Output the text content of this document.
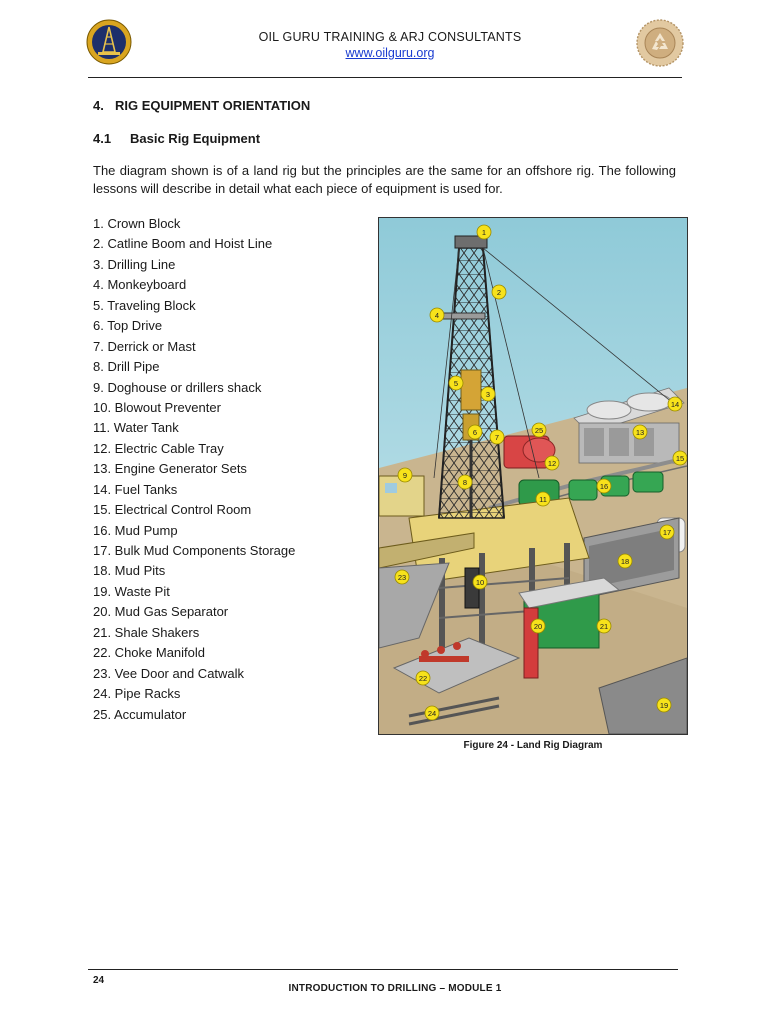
OIL GURU TRAINING & ARJ CONSULTANTS
www.oilguru.org
4. RIG EQUIPMENT ORIENTATION
4.1 Basic Rig Equipment
The diagram shown is of a land rig but the principles are the same for an offshore rig. The following lessons will describe in detail what each piece of equipment is used for.
1. Crown Block
2. Catline Boom and Hoist Line
3. Drilling Line
4. Monkeyboard
5. Traveling Block
6. Top Drive
7. Derrick or Mast
8. Drill Pipe
9. Doghouse or drillers shack
10. Blowout Preventer
11. Water Tank
12. Electric Cable Tray
13. Engine Generator Sets
14. Fuel Tanks
15. Electrical Control Room
16. Mud Pump
17. Bulk Mud Components Storage
18. Mud Pits
19. Waste Pit
20. Mud Gas Separator
21. Shale Shakers
22. Choke Manifold
23. Vee Door and Catwalk
24. Pipe Racks
25. Accumulator
1
2
3
4
5
6
7
8
9
10
11
12
13
14
15
16
17
18
19
20	21
22
23
24
25
Figure 24 - Land Rig Diagram
24
INTRODUCTION TO DRILLING – MODULE 1
